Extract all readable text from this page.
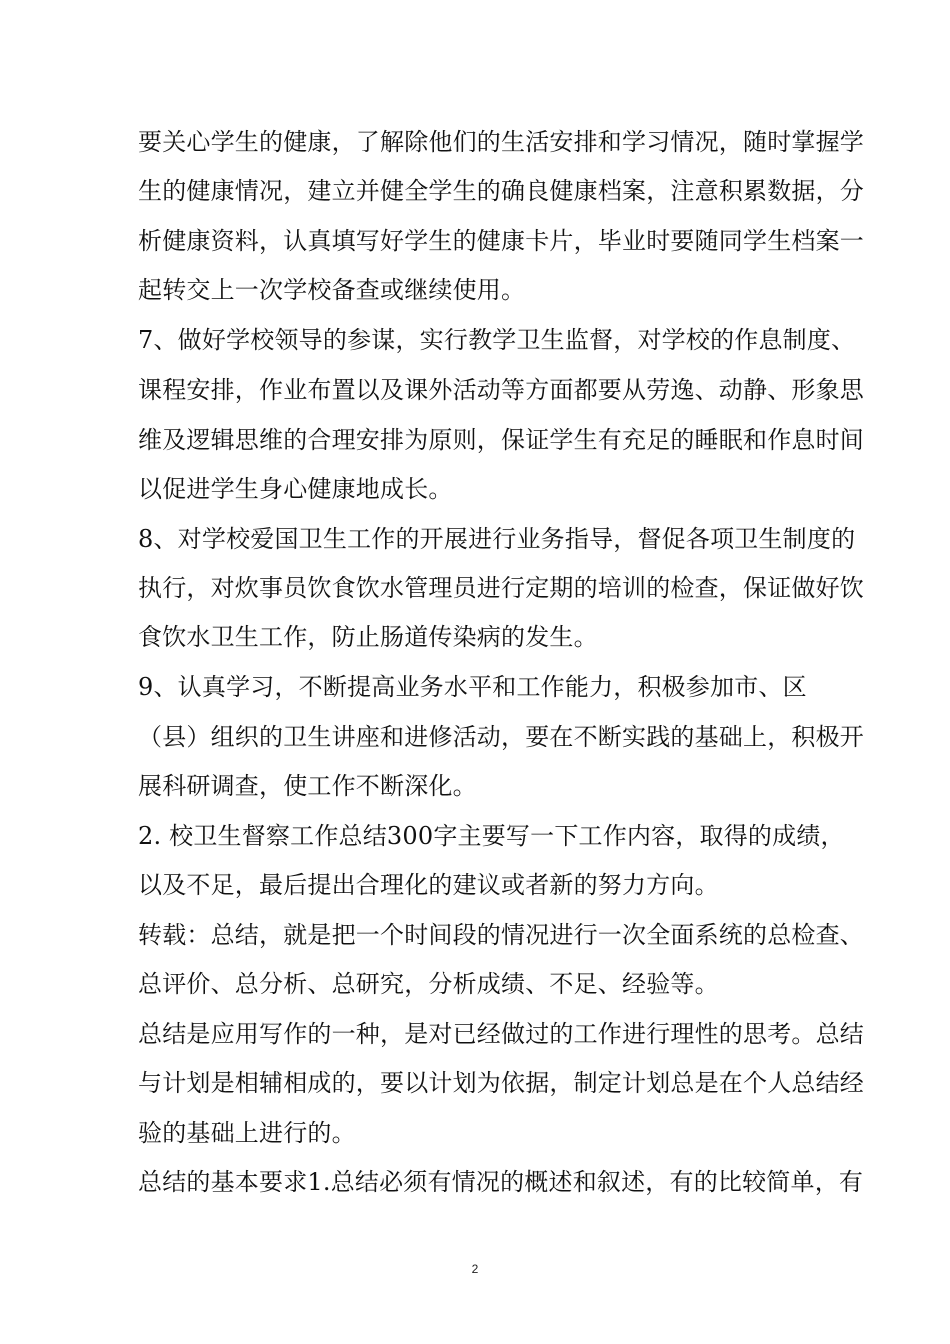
要关心学生的健康，了解除他们的生活安排和学习情况，随时掌握学
生的健康情况，建立并健全学生的确良健康档案，注意积累数据，分
析健康资料，认真填写好学生的健康卡片，毕业时要随同学生档案一
起转交上一次学校备查或继续使用。
7、做好学校领导的参谋，实行教学卫生监督，对学校的作息制度、
课程安排，作业布置以及课外活动等方面都要从劳逸、动静、形象思
维及逻辑思维的合理安排为原则，保证学生有充足的睡眠和作息时间
以促进学生身心健康地成长。
8、对学校爱国卫生工作的开展进行业务指导，督促各项卫生制度的
执行，对炊事员饮食饮水管理员进行定期的培训的检查，保证做好饮
食饮水卫生工作，防止肠道传染病的发生。
9、认真学习，不断提高业务水平和工作能力，积极参加市、区
（县）组织的卫生讲座和进修活动，要在不断实践的基础上，积极开
展科研调查，使工作不断深化。
2. 校卫生督察工作总结300字主要写一下工作内容，取得的成绩，
以及不足，最后提出合理化的建议或者新的努力方向。
转载：总结，就是把一个时间段的情况进行一次全面系统的总检查、
总评价、总分析、总研究，分析成绩、不足、经验等。
总结是应用写作的一种，是对已经做过的工作进行理性的思考。总结
与计划是相辅相成的，要以计划为依据，制定计划总是在个人总结经
验的基础上进行的。
总结的基本要求1.总结必须有情况的概述和叙述，有的比较简单，有
2
